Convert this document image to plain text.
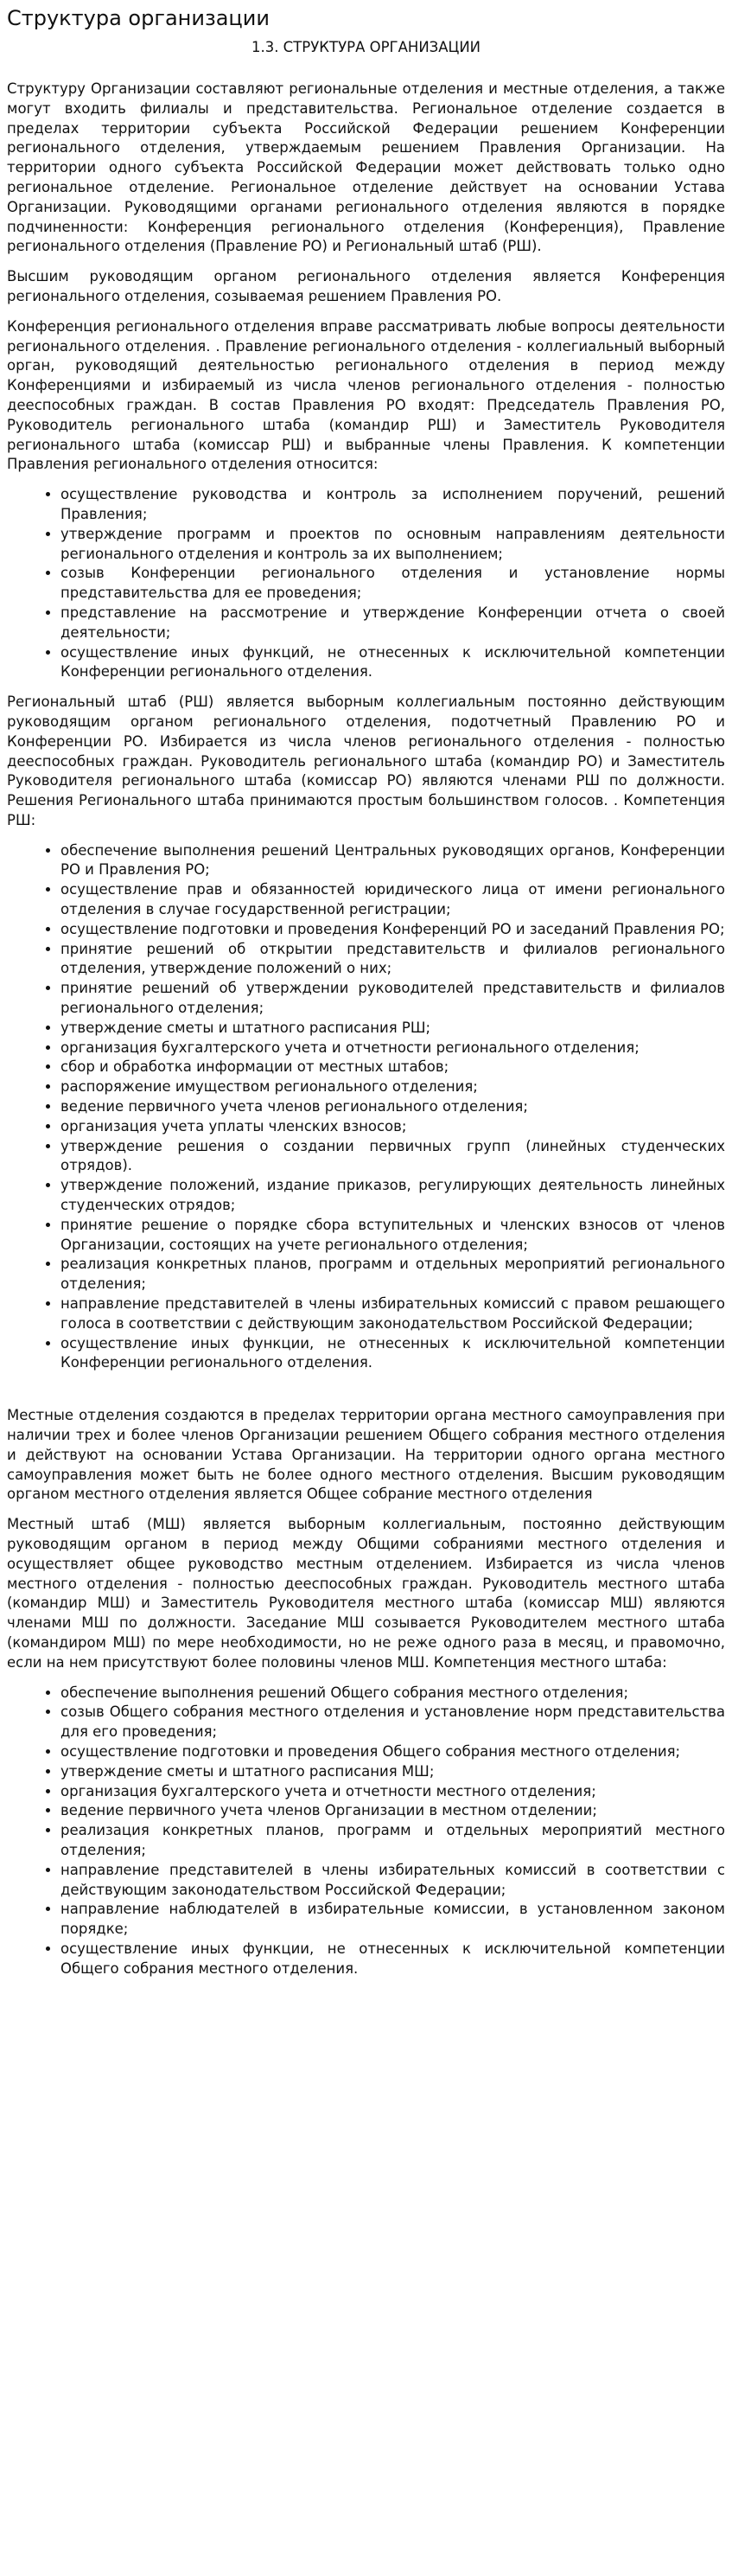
Структура организации
1.3. СТРУКТУРА ОРГАНИЗАЦИИ

Структуру Организации составляют региональные отделения и местные отделения, а также могут входить филиалы и представительства. Региональное отделение создается в пределах территории субъекта Российской Федерации решением Конференции регионального отделения, утверждаемым решением Правления Организации. На территории одного субъекта Российской Федерации может действовать только одно региональное отделение. Региональное отделение действует на основании Устава Организации. Руководящими органами регионального отделения являются в порядке подчиненности: Конференция регионального отделения (Конференция), Правление регионального отделения (Правление РО) и Региональный штаб (РШ).

Высшим руководящим органом регионального отделения является Конференция регионального отделения, созываемая решением Правления РО.

Конференция регионального отделения вправе рассматривать любые вопросы деятельности регионального отделения. . Правление регионального отделения - коллегиальный выборный орган, руководящий деятельностью регионального отделения в период между Конференциями и избираемый из числа членов регионального отделения - полностью дееспособных граждан. В состав Правления РО входят: Председатель Правления РО, Руководитель регионального штаба (командир РШ) и Заместитель Руководителя регионального штаба (комиссар РШ) и выбранные члены Правления. К компетенции Правления регионального отделения относится:

• осуществление руководства и контроль за исполнением поручений, решений Правления;
• утверждение программ и проектов по основным направлениям деятельности регионального отделения и контроль за их выполнением;
• созыв Конференции регионального отделения и установление нормы представительства для ее проведения;
• представление на рассмотрение и утверждение Конференции отчета о своей деятельности;
• осуществление иных функций, не отнесенных к исключительной компетенции Конференции регионального отделения.

Региональный штаб (РШ) является выборным коллегиальным постоянно действующим руководящим органом регионального отделения, подотчетный Правлению РО и Конференции РО. Избирается из числа членов регионального отделения - полностью дееспособных граждан. Руководитель регионального штаба (командир РО) и Заместитель Руководителя регионального штаба (комиссар РО) являются членами РШ по должности. Решения Регионального штаба принимаются простым большинством голосов. . Компетенция РШ:

• обеспечение выполнения решений Центральных руководящих органов, Конференции РО и Правления РО;
• осуществление прав и обязанностей юридического лица от имени регионального отделения в случае государственной регистрации;
• осуществление подготовки и проведения Конференций РО и заседаний Правления РО;
• принятие решений об открытии представительств и филиалов регионального отделения, утверждение положений о них;
• принятие решений об утверждении руководителей представительств и филиалов регионального отделения;
• утверждение сметы и штатного расписания РШ;
• организация бухгалтерского учета и отчетности регионального отделения;
• сбор и обработка информации от местных штабов;
• распоряжение имуществом регионального отделения;
• ведение первичного учета членов регионального отделения;
• организация учета уплаты членских взносов;
• утверждение решения о создании первичных групп (линейных студенческих отрядов).
• утверждение положений, издание приказов, регулирующих деятельность линейных студенческих отрядов;
• принятие решение о порядке сбора вступительных и членских взносов от членов Организации, состоящих на учете регионального отделения;
• реализация конкретных планов, программ и отдельных мероприятий регионального отделения;
• направление представителей в члены избирательных комиссий с правом решающего голоса в соответствии с действующим законодательством Российской Федерации;
• осуществление иных функции, не отнесенных к исключительной компетенции Конференции регионального отделения.

Местные отделения создаются в пределах территории органа местного самоуправления при наличии трех и более членов Организации решением Общего собрания местного отделения и действуют на основании Устава Организации. На территории одного органа местного самоуправления может быть не более одного местного отделения. Высшим руководящим органом местного отделения является Общее собрание местного отделения

Местный штаб (МШ) является выборным коллегиальным, постоянно действующим руководящим органом в период между Общими собраниями местного отделения и осуществляет общее руководство местным отделением. Избирается из числа членов местного отделения - полностью дееспособных граждан. Руководитель местного штаба (командир МШ) и Заместитель Руководителя местного штаба (комиссар МШ) являются членами МШ по должности. Заседание МШ созывается Руководителем местного штаба (командиром МШ) по мере необходимости, но не реже одного раза в месяц, и правомочно, если на нем присутствуют более половины членов МШ. Компетенция местного штаба:

• обеспечение выполнения решений Общего собрания местного отделения;
• созыв Общего собрания местного отделения и установление норм представительства для его проведения;
• осуществление подготовки и проведения Общего собрания местного отделения;
• утверждение сметы и штатного расписания МШ;
• организация бухгалтерского учета и отчетности местного отделения;
• ведение первичного учета членов Организации в местном отделении;
• реализация конкретных планов, программ и отдельных мероприятий местного отделения;
• направление представителей в члены избирательных комиссий в соответствии с действующим законодательством Российской Федерации;
• направление наблюдателей в избирательные комиссии, в установленном законом порядке;
• осуществление иных функции, не отнесенных к исключительной компетенции Общего собрания местного отделения.
